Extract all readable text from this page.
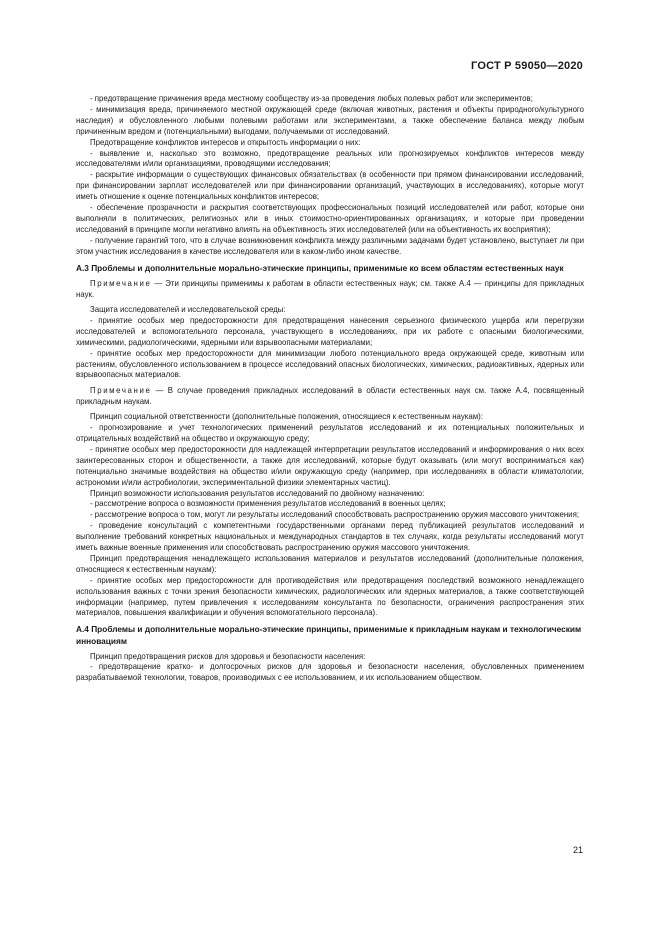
ГОСТ Р 59050—2020

- предотвращение причинения вреда местному сообществу из-за проведения любых полевых работ или экспериментов;

- минимизация вреда, причиняемого местной окружающей среде (включая животных, растения и объекты природного/культурного наследия) и обусловленного любыми полевыми работами или экспериментами, а также обеспечение баланса между любым причиненным вредом и (потенциальными) выгодами, получаемыми от исследований.

Предотвращение конфликтов интересов и открытость информации о них:

- выявление и, насколько это возможно, предотвращение реальных или прогнозируемых конфликтов интересов между исследователями и/или организациями, проводящими исследования;

- раскрытие информации о существующих финансовых обязательствах (в особенности при прямом финансировании исследований, при финансировании зарплат исследователей или при финансировании организаций, участвующих в исследованиях), которые могут иметь отношение к оценке потенциальных конфликтов интересов;

- обеспечение прозрачности и раскрытия соответствующих профессиональных позиций исследователей или работ, которые они выполняли в политических, религиозных или в иных стоимостно-ориентированных организациях, и которые при проведении исследований в принципе могли негативно влиять на объективность этих исследователей (или на объективность их восприятия);

- получение гарантий того, что в случае возникновения конфликта между различными задачами будет установлено, выступает ли при этом участник исследования в качестве исследователя или в каком-либо ином качестве.

А.3 Проблемы и дополнительные морально-этические принципы, применимые ко всем областям естественных наук

Примечание — Эти принципы применимы к работам в области естественных наук; см. также А.4 — принципы для прикладных наук.

Защита исследователей и исследовательской среды:

- принятие особых мер предосторожности для предотвращения нанесения серьезного физического ущерба или перегрузки исследователей и вспомогательного персонала, участвующего в исследованиях, при их работе с опасными биологическими, химическими, радиологическими, ядерными или взрывоопасными материалами;

- принятие особых мер предосторожности для минимизации любого потенциального вреда окружающей среде, животным или растениям, обусловленного использованием в процессе исследований опасных биологических, химических, радиоактивных, ядерных или взрывоопасных материалов.

Примечание — В случае проведения прикладных исследований в области естественных наук см. также А.4, посвященный прикладным наукам.

Принцип социальной ответственности (дополнительные положения, относящиеся к естественным наукам):

- прогнозирование и учет технологических применений результатов исследований и их потенциальных положительных и отрицательных воздействий на общество и окружающую среду;

- принятие особых мер предосторожности для надлежащей интерпретации результатов исследований и информирования о них всех заинтересованных сторон и общественности, а также для исследований, которые будут оказывать (или могут восприниматься как) потенциально значимые воздействия на общество и/или окружающую среду (например, при исследованиях в области климатологии, астрономии и/или астробиологии, экспериментальной физики элементарных частиц).

Принцип возможности использования результатов исследований по двойному назначению:

- рассмотрение вопроса о возможности применения результатов исследований в военных целях;

- рассмотрение вопроса о том, могут ли результаты исследований способствовать распространению оружия массового уничтожения;

- проведение консультаций с компетентными государственными органами перед публикацией результатов исследований и выполнение требований конкретных национальных и международных стандартов в тех случаях, когда результаты исследований могут иметь важные военные применения или способствовать распространению оружия массового уничтожения.

Принцип предотвращения ненадлежащего использования материалов и результатов исследований (дополнительные положения, относящиеся к естественным наукам):

- принятие особых мер предосторожности для противодействия или предотвращения последствий возможного ненадлежащего использования важных с точки зрения безопасности химических, радиологических или ядерных материалов, а также соответствующей информации (например, путем привлечения к исследованиям консультанта по безопасности, ограничения распространения этих материалов, повышения квалификации и обучения вспомогательного персонала).

А.4 Проблемы и дополнительные морально-этические принципы, применимые к прикладным наукам и технологическим инновациям

Принцип предотвращения рисков для здоровья и безопасности населения:

- предотвращение кратко- и долгосрочных рисков для здоровья и безопасности населения, обусловленных применением разрабатываемой технологии, товаров, производимых с ее использованием, и их использованием обществом.

21
